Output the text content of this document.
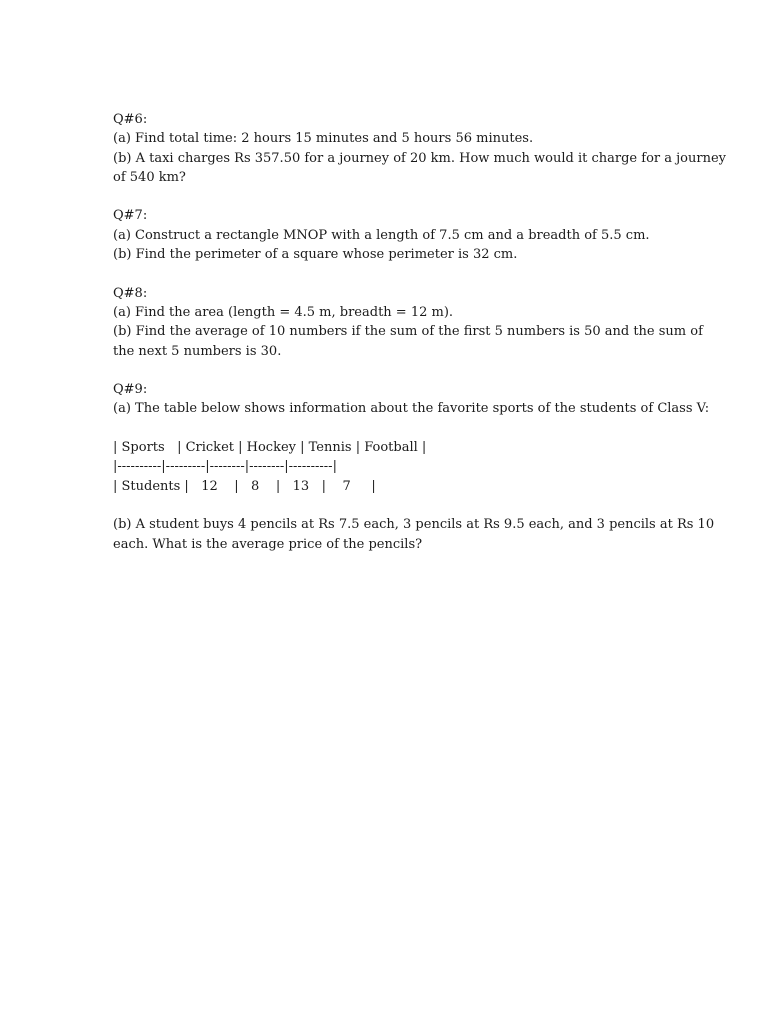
Q#6:

(a) Find total time: 2 hours 15 minutes and 5 hours 56 minutes.

(b) A taxi charges Rs 357.50 for a journey of 20 km. How much would it charge for a journey

of 540 km?

Q#7:

(a) Construct a rectangle MNOP with a length of 7.5 cm and a breadth of 5.5 cm.

(b) Find the perimeter of a square whose perimeter is 32 cm.

Q#8:

(a) Find the area (length = 4.5 m, breadth = 12 m).

(b) Find the average of 10 numbers if the sum of the first 5 numbers is 50 and the sum of

the next 5 numbers is 30.

Q#9:

(a) The table below shows information about the favorite sports of the students of Class V:

| Sports   | Cricket | Hockey | Tennis | Football |

|----------|---------|--------|--------|----------|

| Students |   12    |   8    |   13   |    7     |

(b) A student buys 4 pencils at Rs 7.5 each, 3 pencils at Rs 9.5 each, and 3 pencils at Rs 10

each. What is the average price of the pencils?
